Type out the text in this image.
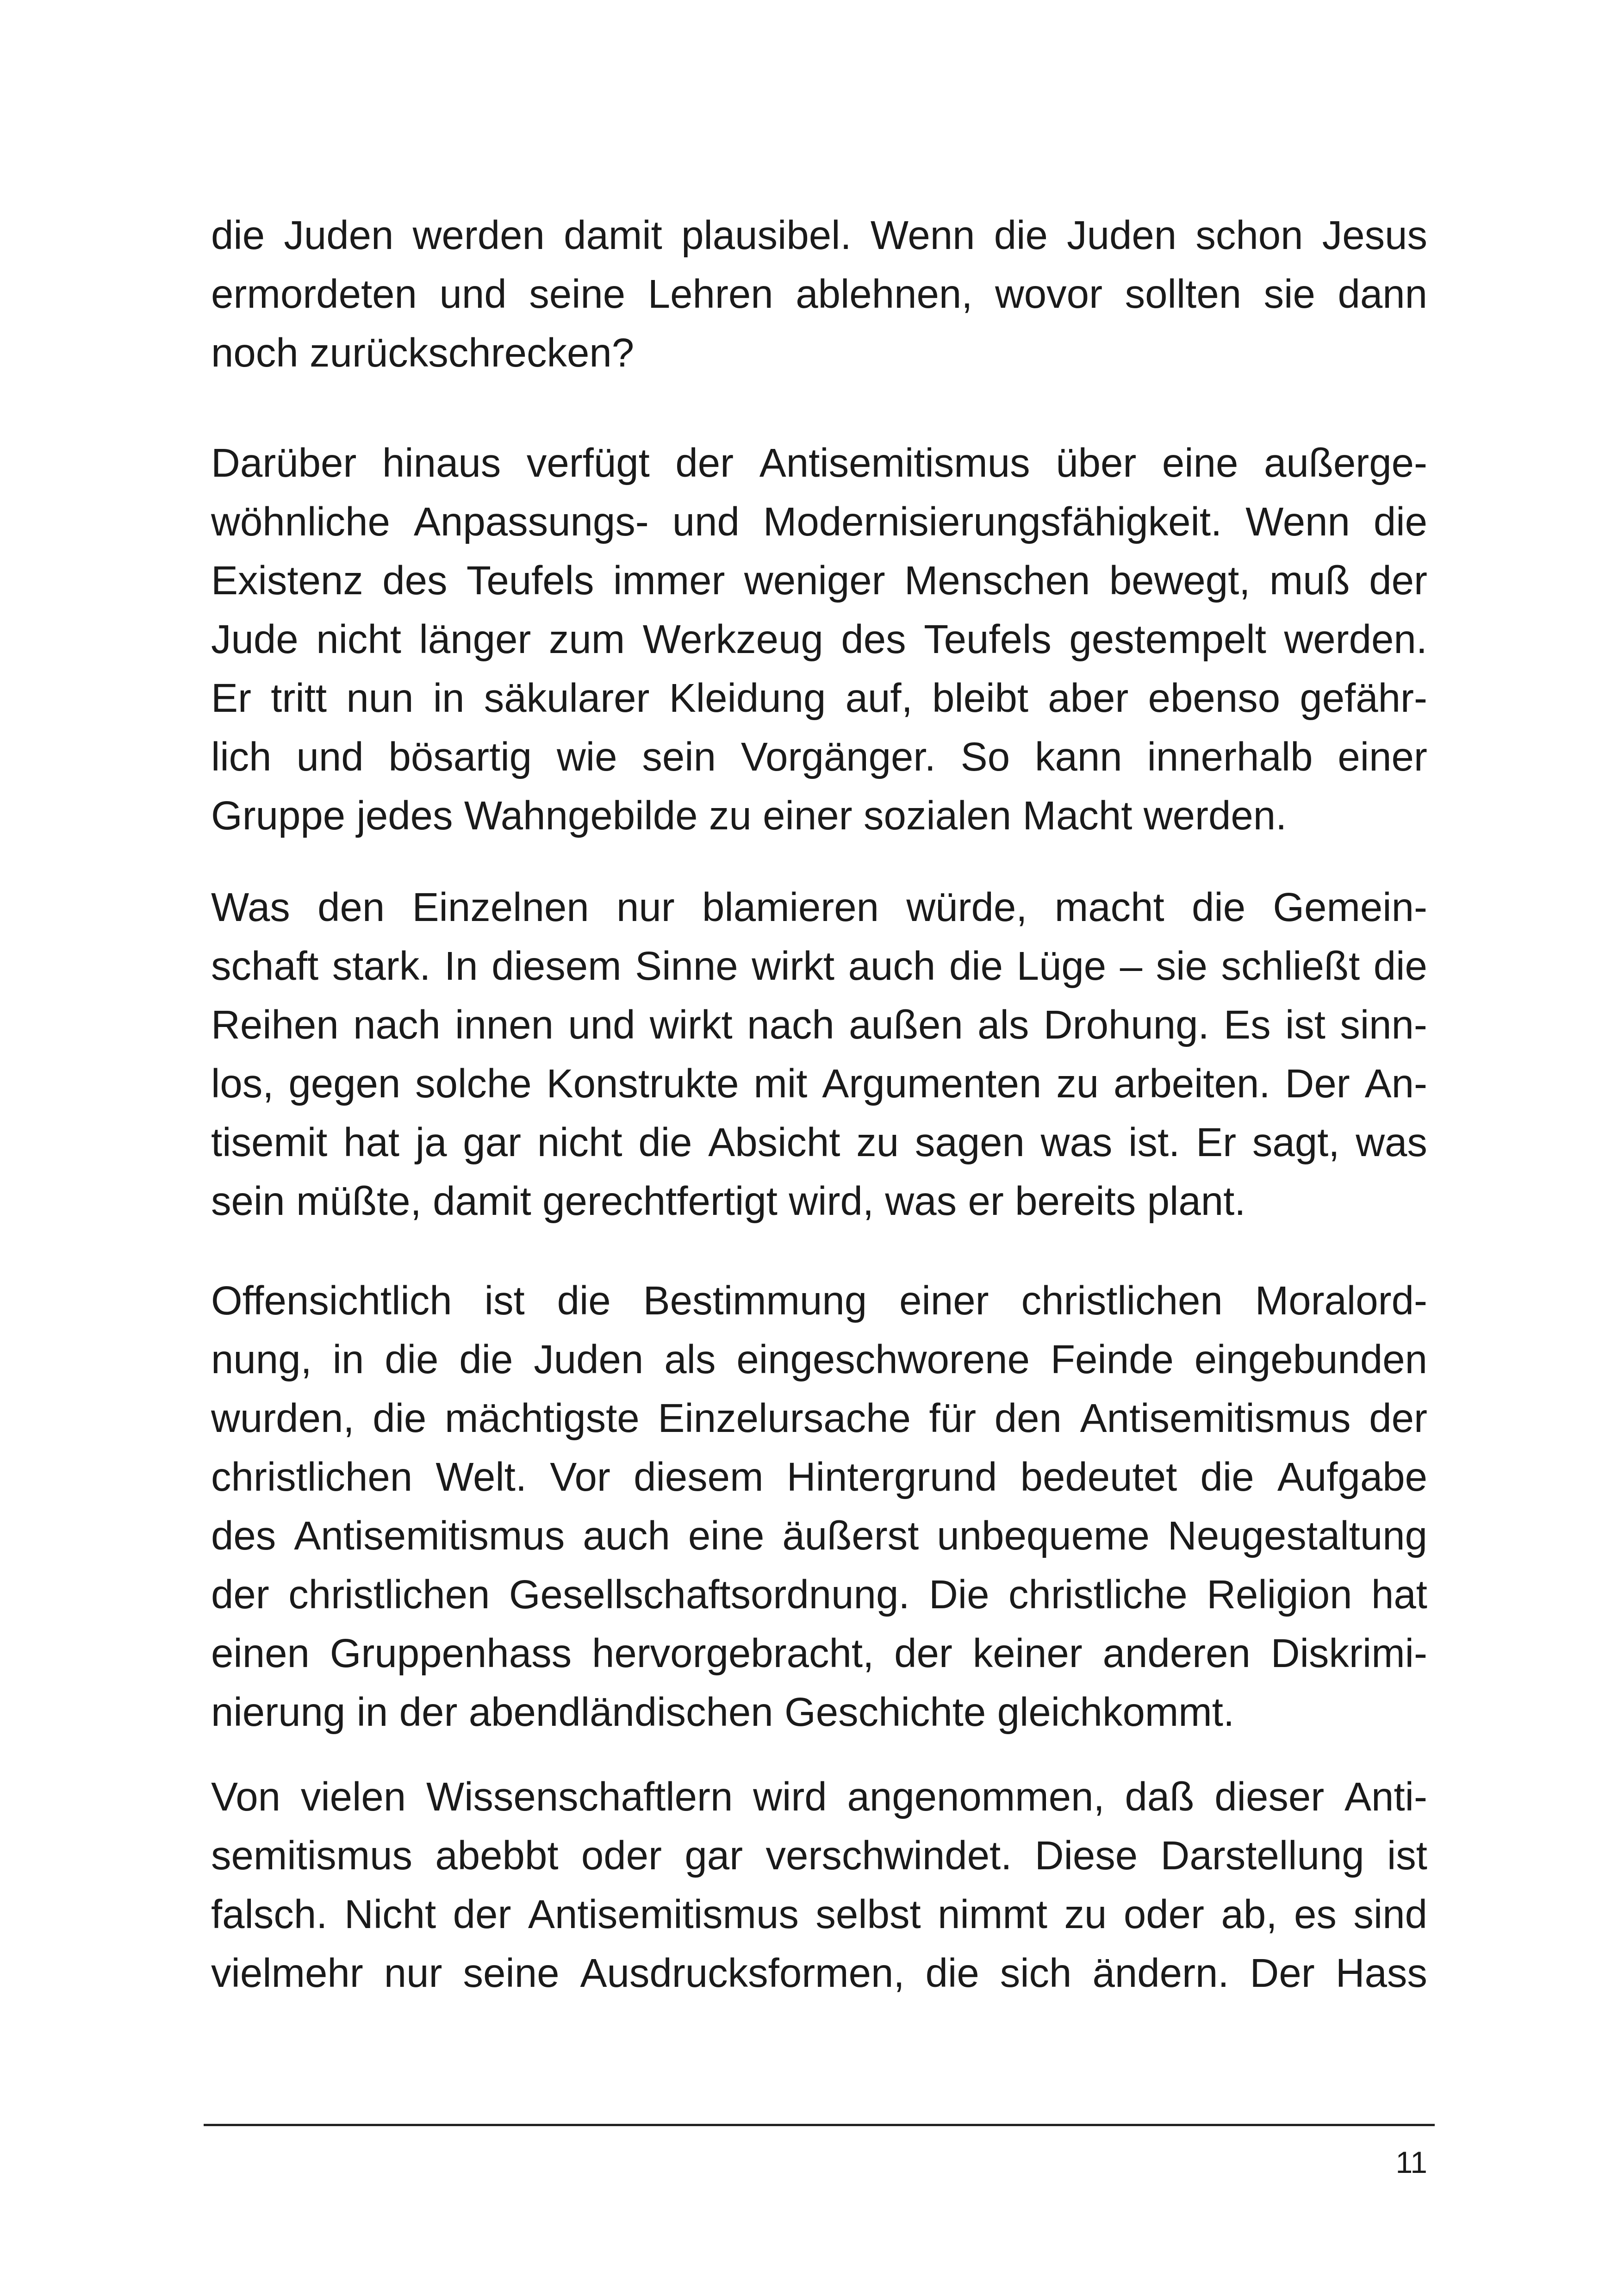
die Juden werden damit plausibel. Wenn die Juden schon Jesus
ermordeten und seine Lehren ablehnen, wovor sollten sie dann
noch zurückschrecken?
Darüber hinaus verfügt der Antisemitismus über eine außerge-
wöhnliche Anpassungs- und Modernisierungsfähigkeit. Wenn die
Existenz des Teufels immer weniger Menschen bewegt, muß der
Jude nicht länger zum Werkzeug des Teufels gestempelt werden.
Er tritt nun in säkularer Kleidung auf, bleibt aber ebenso gefähr-
lich und bösartig wie sein Vorgänger. So kann innerhalb einer
Gruppe jedes Wahngebilde zu einer sozialen Macht werden.
Was den Einzelnen nur blamieren würde, macht die Gemein-
schaft stark. In diesem Sinne wirkt auch die Lüge – sie schließt die
Reihen nach innen und wirkt nach außen als Drohung. Es ist sinn-
los, gegen solche Konstrukte mit Argumenten zu arbeiten. Der An-
tisemit hat ja gar nicht die Absicht zu sagen was ist. Er sagt, was
sein müßte, damit gerechtfertigt wird, was er bereits plant.
Offensichtlich ist die Bestimmung einer christlichen Moralord-
nung, in die die Juden als eingeschworene Feinde eingebunden
wurden, die mächtigste Einzelursache für den Antisemitismus der
christlichen Welt. Vor diesem Hintergrund bedeutet die Aufgabe
des Antisemitismus auch eine äußerst unbequeme Neugestaltung
der christlichen Gesellschaftsordnung. Die christliche Religion hat
einen Gruppenhass hervorgebracht, der keiner anderen Diskrimi-
nierung in der abendländischen Geschichte gleichkommt.
Von vielen Wissenschaftlern wird angenommen, daß dieser Anti-
semitismus abebbt oder gar verschwindet. Diese Darstellung ist
falsch. Nicht der Antisemitismus selbst nimmt zu oder ab, es sind
vielmehr nur seine Ausdrucksformen, die sich ändern. Der Hass
11
